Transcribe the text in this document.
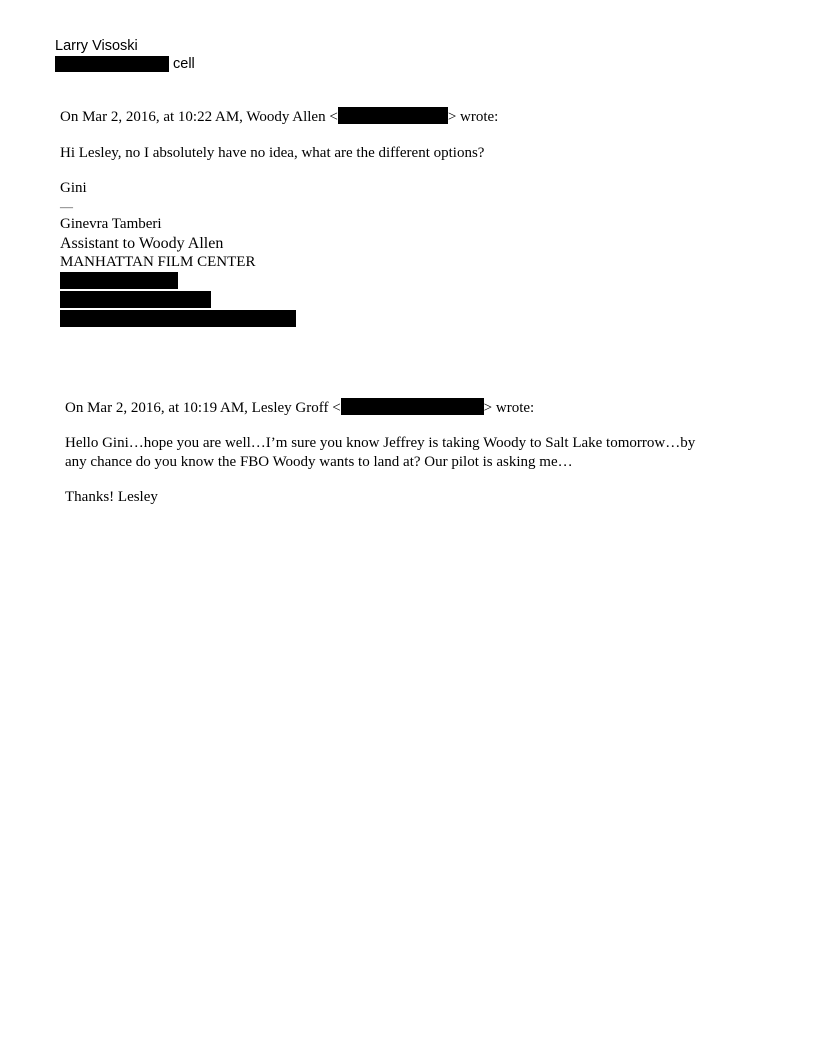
Larry Visoski
cell
On Mar 2, 2016, at 10:22 AM, Woody Allen <	> wrote:
Hi Lesley, no I absolutely have no idea, what are the different options?
Gini
—
Ginevra Tamberi
Assistant to Woody Allen
MANHATTAN FILM CENTER
On Mar 2, 2016, at 10:19 AM, Lesley Groff <	> wrote:
Hello Gini…hope you are well…I’m sure you know Jeffrey is taking Woody to Salt Lake tomorrow…by
any chance do you know the FBO Woody wants to land at? Our pilot is asking me…
Thanks! Lesley
